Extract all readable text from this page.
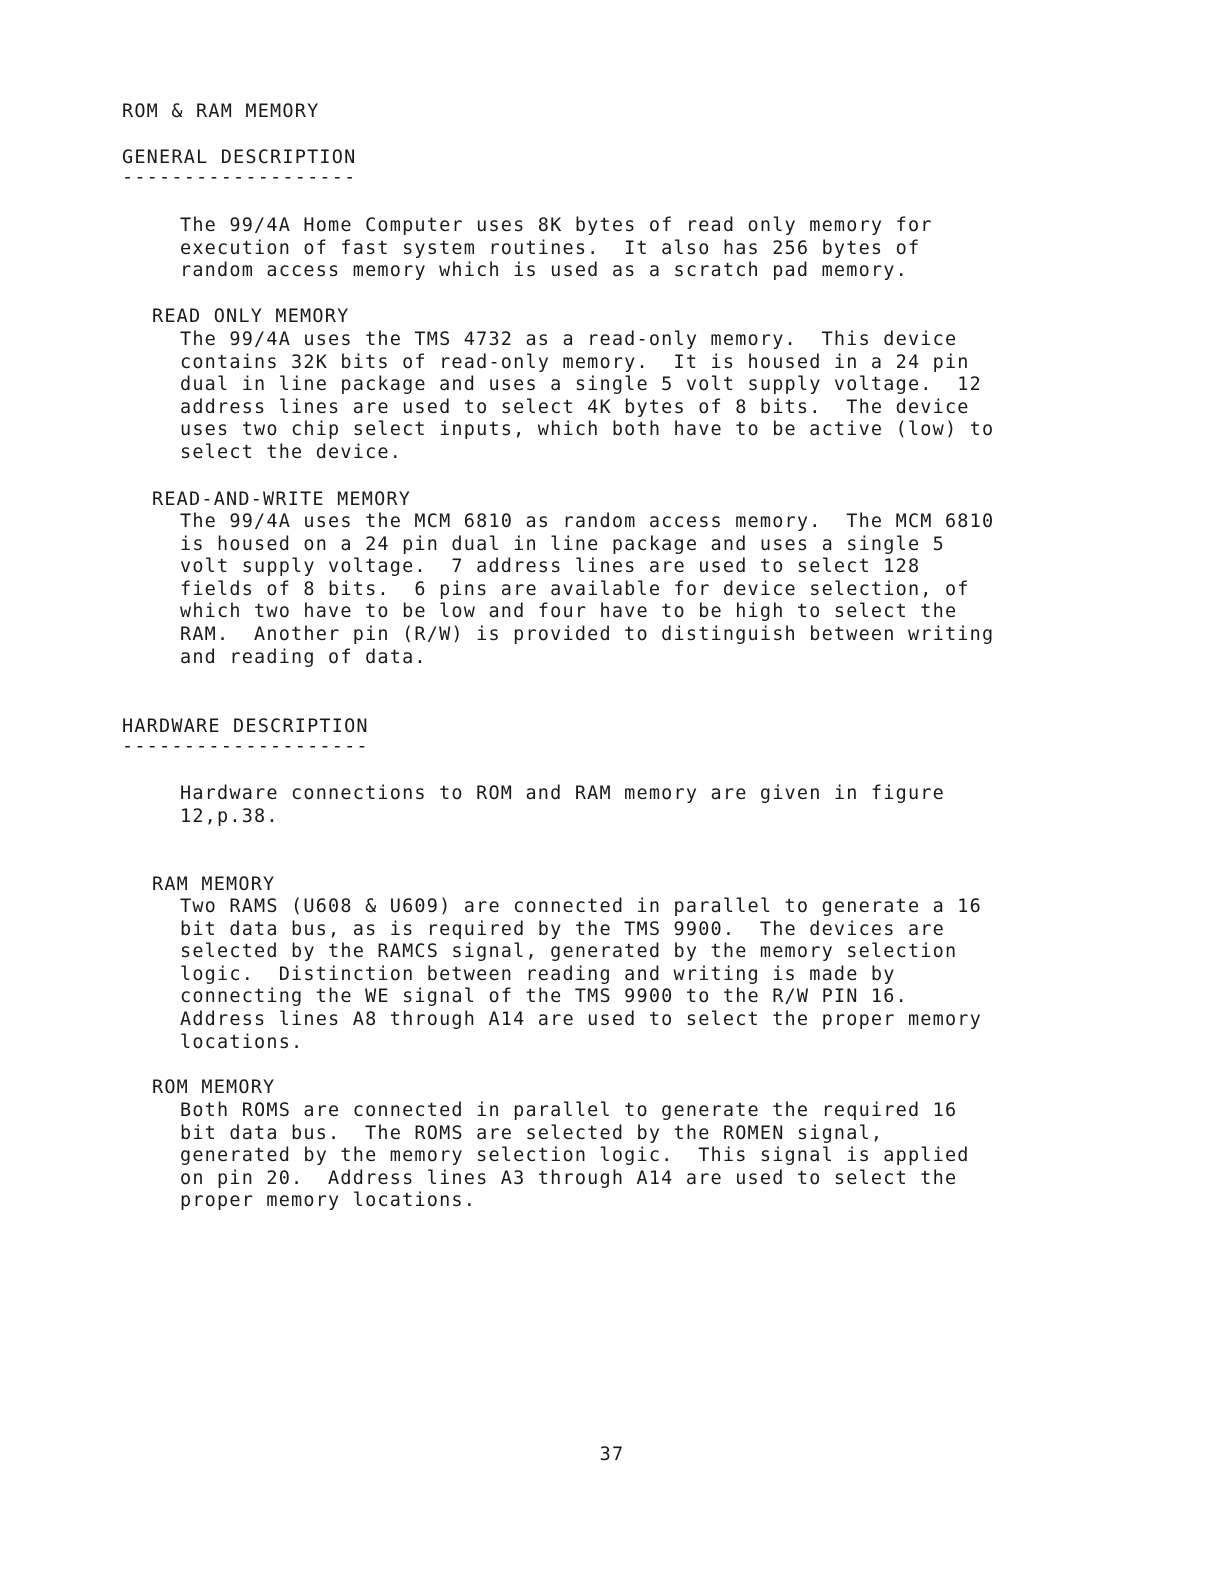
ROM & RAM MEMORY
GENERAL DESCRIPTION
-------------------
The 99/4A Home Computer uses 8K bytes of read only memory for
execution of fast system routines.  It also has 256 bytes of
random access memory which is used as a scratch pad memory.
READ ONLY MEMORY
The 99/4A uses the TMS 4732 as a read-only memory.  This device
contains 32K bits of read-only memory.  It is housed in a 24 pin
dual in line package and uses a single 5 volt supply voltage.  12
address lines are used to select 4K bytes of 8 bits.  The device
uses two chip select inputs, which both have to be active (low) to
select the device.
READ-AND-WRITE MEMORY
The 99/4A uses the MCM 6810 as random access memory.  The MCM 6810
is housed on a 24 pin dual in line package and uses a single 5
volt supply voltage.  7 address lines are used to select 128
fields of 8 bits.  6 pins are available for device selection, of
which two have to be low and four have to be high to select the
RAM.  Another pin (R/W) is provided to distinguish between writing
and reading of data.
HARDWARE DESCRIPTION
--------------------
Hardware connections to ROM and RAM memory are given in figure
12,p.38.
RAM MEMORY
Two RAMS (U608 & U609) are connected in parallel to generate a 16
bit data bus, as is required by the TMS 9900.  The devices are
selected by the RAMCS signal, generated by the memory selection
logic.  Distinction between reading and writing is made by
connecting the WE signal of the TMS 9900 to the R/W PIN 16.
Address lines A8 through A14 are used to select the proper memory
locations.
ROM MEMORY
Both ROMS are connected in parallel to generate the required 16
bit data bus.  The ROMS are selected by the ROMEN signal,
generated by the memory selection logic.  This signal is applied
on pin 20.  Address lines A3 through A14 are used to select the
proper memory locations.
37
